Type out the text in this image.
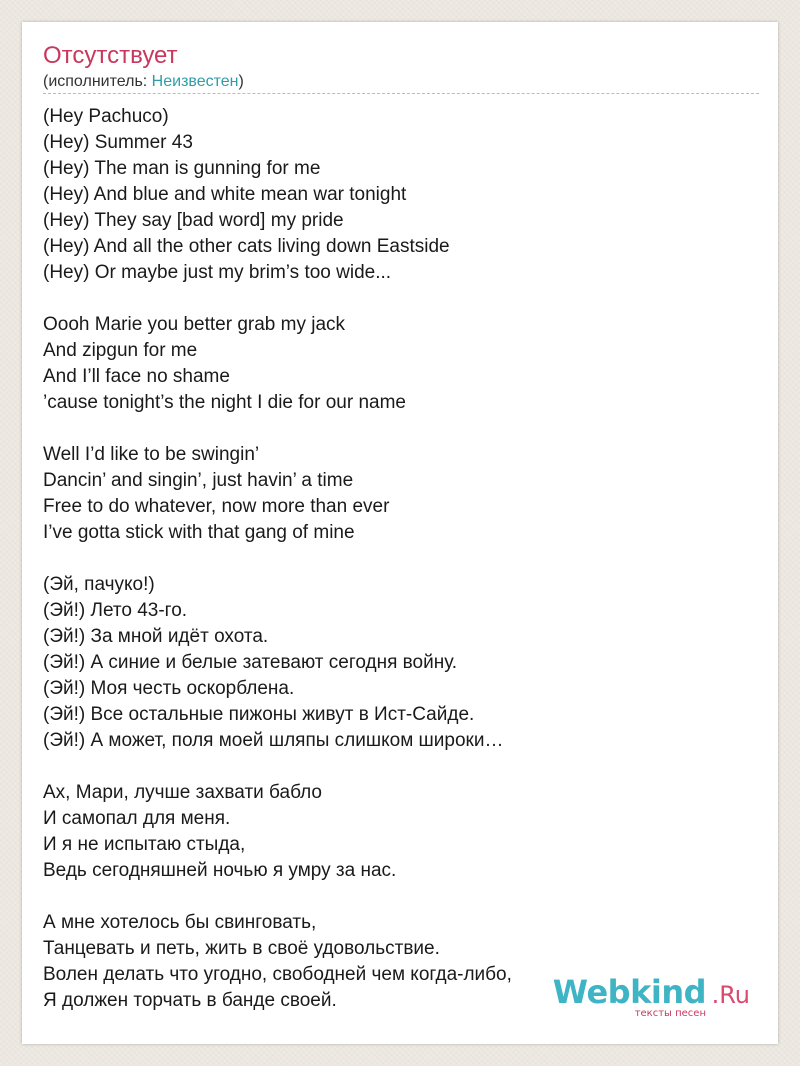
Отсутствует
(исполнитель: Неизвестен)
(Hey Pachuco)
(Hey) Summer 43
(Hey) The man is gunning for me
(Hey) And blue and white mean war tonight
(Hey) They say [bad word] my pride
(Hey) And all the other cats living down Eastside
(Hey) Or maybe just my brim’s too wide...
Oooh Marie you better grab my jack
And zipgun for me
And I’ll face no shame
’cause tonight’s the night I die for our name
Well I’d like to be swingin’
Dancin’ and singin’, just havin’ a time
Free to do whatever, now more than ever
I’ve gotta stick with that gang of mine
(Эй, пачуко!)
(Эй!) Лето 43-го.
(Эй!) За мной идёт охота.
(Эй!) А синие и белые затевают сегодня войну.
(Эй!) Моя честь оскорблена.
(Эй!) Все остальные пижоны живут в Ист-Сайде.
(Эй!) А может, поля моей шляпы слишком широки…
Ах, Мари, лучше захвати бабло
И самопал для меня.
И я не испытаю стыда,
Ведь сегодняшней ночью я умру за нас.
А мне хотелось бы свинговать,
Танцевать и петь, жить в своё удовольствие.
Волен делать что угодно, свободней чем когда-либо,
Я должен торчать в банде своей.	Webkind .Ru
тексты песен
